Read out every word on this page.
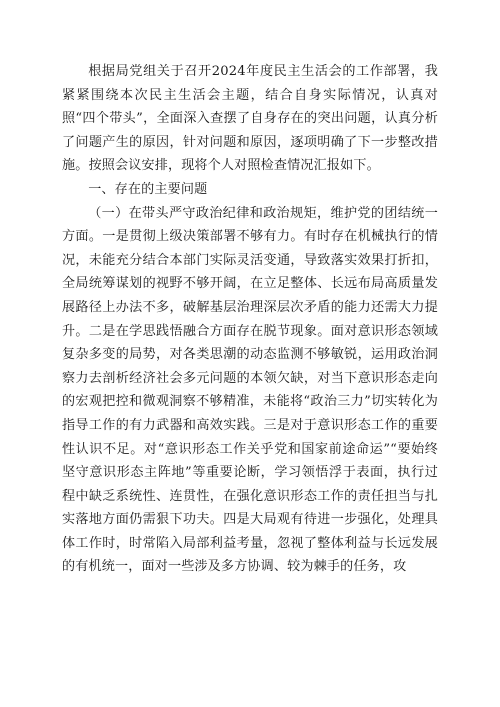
根据局党组关于召开2024年度民主生活会的工作部署，我紧紧围绕本次民主生活会主题，结合自身实际情况，认真对照“四个带头”，全面深入查摆了自身存在的突出问题，认真分析了问题产生的原因，针对问题和原因，逐项明确了下一步整改措施。按照会议安排，现将个人对照检查情况汇报如下。

一、存在的主要问题

（一）在带头严守政治纪律和政治规矩，维护党的团结统一方面。一是贯彻上级决策部署不够有力。有时存在机械执行的情况，未能充分结合本部门实际灵活变通，导致落实效果打折扣，全局统筹谋划的视野不够开阔，在立足整体、长远布局高质量发展路径上办法不多，破解基层治理深层次矛盾的能力还需大力提升。二是在学思践悟融合方面存在脱节现象。面对意识形态领域复杂多变的局势，对各类思潮的动态监测不够敏锐，运用政治洞察力去剖析经济社会多元问题的本领欠缺，对当下意识形态走向的宏观把控和微观洞察不够精准，未能将“政治三力”切实转化为指导工作的有力武器和高效实践。三是对于意识形态工作的重要性认识不足。对“意识形态工作关乎党和国家前途命运”“要始终坚守意识形态主阵地”等重要论断，学习领悟浮于表面，执行过程中缺乏系统性、连贯性，在强化意识形态工作的责任担当与扎实落地方面仍需狠下功夫。四是大局观有待进一步强化，处理具体工作时，时常陷入局部利益考量，忽视了整体利益与长远发展的有机统一，面对一些涉及多方协调、较为棘手的任务，攻
